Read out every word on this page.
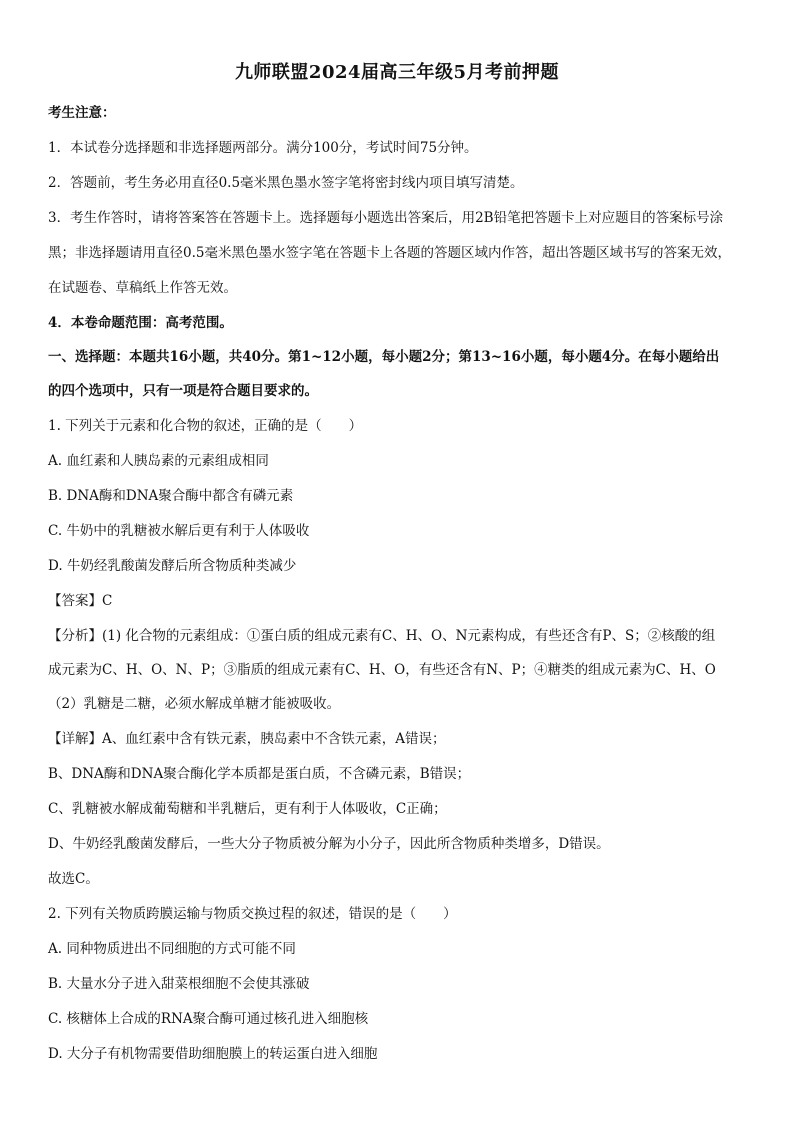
九师联盟2024届高三年级5月考前押题
考生注意：
1．本试卷分选择题和非选择题两部分。满分100分，考试时间75分钟。
2．答题前，考生务必用直径0.5毫米黑色墨水签字笔将密封线内项目填写清楚。
3．考生作答时，请将答案答在答题卡上。选择题每小题选出答案后，用2B铅笔把答题卡上对应题目的答案标号涂
黑；非选择题请用直径0.5毫米黑色墨水签字笔在答题卡上各题的答题区域内作答，超出答题区域书写的答案无效，
在试题卷、草稿纸上作答无效。
4．本卷命题范围：高考范围。
一、选择题：本题共16小题，共40分。第1~12小题，每小题2分；第13~16小题，每小题4分。在每小题给出
的四个选项中，只有一项是符合题目要求的。
1. 下列关于元素和化合物的叙述，正确的是（　　）
A. 血红素和人胰岛素的元素组成相同
B. DNA酶和DNA聚合酶中都含有磷元素
C. 牛奶中的乳糖被水解后更有利于人体吸收
D. 牛奶经乳酸菌发酵后所含物质种类减少
【答案】C
【分析】(1) 化合物的元素组成：①蛋白质的组成元素有C、H、O、N元素构成，有些还含有P、S；②核酸的组
成元素为C、H、O、N、P；③脂质的组成元素有C、H、O，有些还含有N、P；④糖类的组成元素为C、H、O
（2）乳糖是二糖，必须水解成单糖才能被吸收。
【详解】A、血红素中含有铁元素，胰岛素中不含铁元素，A错误；
B、DNA酶和DNA聚合酶化学本质都是蛋白质，不含磷元素，B错误；
C、乳糖被水解成葡萄糖和半乳糖后，更有利于人体吸收，C正确；
D、牛奶经乳酸菌发酵后，一些大分子物质被分解为小分子，因此所含物质种类增多，D错误。
故选C。
2. 下列有关物质跨膜运输与物质交换过程的叙述，错误的是（　　）
A. 同种物质进出不同细胞的方式可能不同
B. 大量水分子进入甜菜根细胞不会使其涨破
C. 核糖体上合成的RNA聚合酶可通过核孔进入细胞核
D. 大分子有机物需要借助细胞膜上的转运蛋白进入细胞
